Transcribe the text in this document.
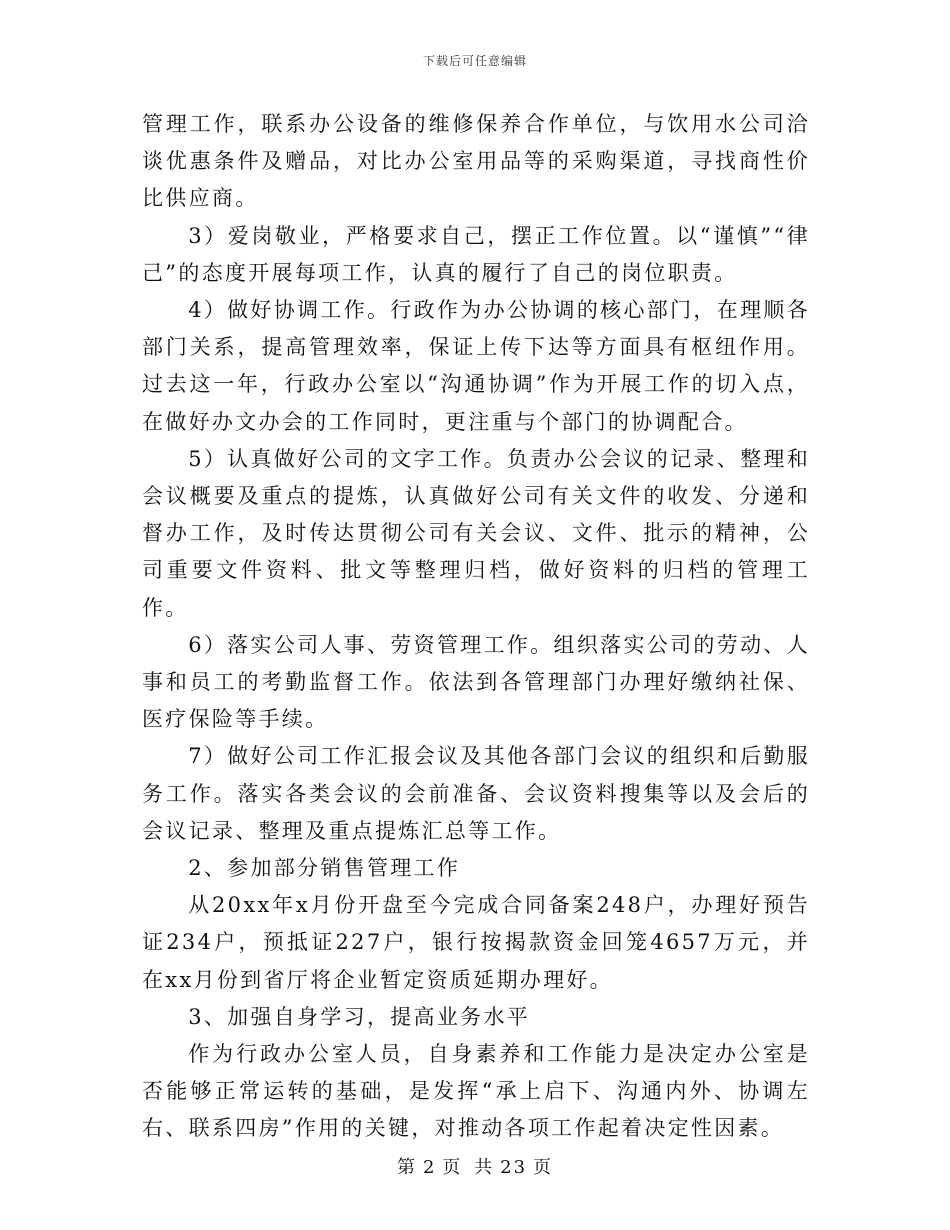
下载后可任意编辑

管理工作，联系办公设备的维修保养合作单位，与饮用水公司洽谈优惠条件及赠品，对比办公室用品等的采购渠道，寻找商性价比供应商。

3）爱岗敬业，严格要求自己，摆正工作位置。以“谨慎”“律己”的态度开展每项工作，认真的履行了自己的岗位职责。

4）做好协调工作。行政作为办公协调的核心部门，在理顺各部门关系，提高管理效率，保证上传下达等方面具有枢纽作用。过去这一年，行政办公室以“沟通协调”作为开展工作的切入点，在做好办文办会的工作同时，更注重与个部门的协调配合。

5）认真做好公司的文字工作。负责办公会议的记录、整理和会议概要及重点的提炼，认真做好公司有关文件的收发、分递和督办工作，及时传达贯彻公司有关会议、文件、批示的精神，公司重要文件资料、批文等整理归档，做好资料的归档的管理工作。

6）落实公司人事、劳资管理工作。组织落实公司的劳动、人事和员工的考勤监督工作。依法到各管理部门办理好缴纳社保、医疗保险等手续。

7）做好公司工作汇报会议及其他各部门会议的组织和后勤服务工作。落实各类会议的会前准备、会议资料搜集等以及会后的会议记录、整理及重点提炼汇总等工作。

2、参加部分销售管理工作

从20xx年x月份开盘至今完成合同备案248户，办理好预告证234户，预抵证227户，银行按揭款资金回笼4657万元，并在xx月份到省厅将企业暂定资质延期办理好。

3、加强自身学习，提高业务水平

作为行政办公室人员，自身素养和工作能力是决定办公室是否能够正常运转的基础，是发挥“承上启下、沟通内外、协调左右、联系四房”作用的关键，对推动各项工作起着决定性因素。

第 2 页 共 23 页
